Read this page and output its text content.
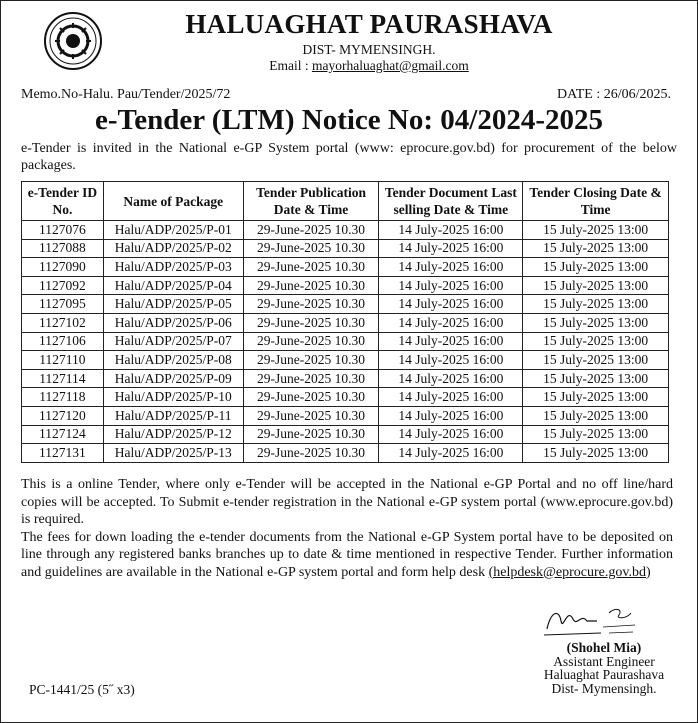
HALUAGHAT PAURASHAVA
DIST- MYMENSINGH.
Email : mayorhaluaghat@gmail.com
Memo.No-Halu. Pau/Tender/2025/72	DATE : 26/06/2025.
e-Tender (LTM) Notice No: 04/2024-2025
e-Tender is invited in the National e-GP System portal (www: eprocure.gov.bd) for procurement of the below packages.
e-Tender ID No.	Name of Package	Tender Publication Date & Time	Tender Document Last selling Date & Time	Tender Closing Date & Time
1127076	Halu/ADP/2025/P-01	29-June-2025 10.30	14 July-2025 16:00	15 July-2025 13:00
1127088	Halu/ADP/2025/P-02	29-June-2025 10.30	14 July-2025 16:00	15 July-2025 13:00
1127090	Halu/ADP/2025/P-03	29-June-2025 10.30	14 July-2025 16:00	15 July-2025 13:00
1127092	Halu/ADP/2025/P-04	29-June-2025 10.30	14 July-2025 16:00	15 July-2025 13:00
1127095	Halu/ADP/2025/P-05	29-June-2025 10.30	14 July-2025 16:00	15 July-2025 13:00
1127102	Halu/ADP/2025/P-06	29-June-2025 10.30	14 July-2025 16:00	15 July-2025 13:00
1127106	Halu/ADP/2025/P-07	29-June-2025 10.30	14 July-2025 16:00	15 July-2025 13:00
1127110	Halu/ADP/2025/P-08	29-June-2025 10.30	14 July-2025 16:00	15 July-2025 13:00
1127114	Halu/ADP/2025/P-09	29-June-2025 10.30	14 July-2025 16:00	15 July-2025 13:00
1127118	Halu/ADP/2025/P-10	29-June-2025 10.30	14 July-2025 16:00	15 July-2025 13:00
1127120	Halu/ADP/2025/P-11	29-June-2025 10.30	14 July-2025 16:00	15 July-2025 13:00
1127124	Halu/ADP/2025/P-12	29-June-2025 10.30	14 July-2025 16:00	15 July-2025 13:00
1127131	Halu/ADP/2025/P-13	29-June-2025 10.30	14 July-2025 16:00	15 July-2025 13:00
This is a online Tender, where only e-Tender will be accepted in the National e-GP Portal and no off line/hard copies will be accepted. To Submit e-tender registration in the National e-GP system portal (www.eprocure.gov.bd) is required.
The fees for down loading the e-tender documents from the National e-GP System portal have to be deposited on line through any registered banks branches up to date & time mentioned in respective Tender. Further information and guidelines are available in the National e-GP system portal and form help desk (helpdesk@eprocure.gov.bd)
(Shohel Mia)
Assistant Engineer
Haluaghat Paurashava
Dist- Mymensingh.
PC-1441/25 (5˝ x3)
